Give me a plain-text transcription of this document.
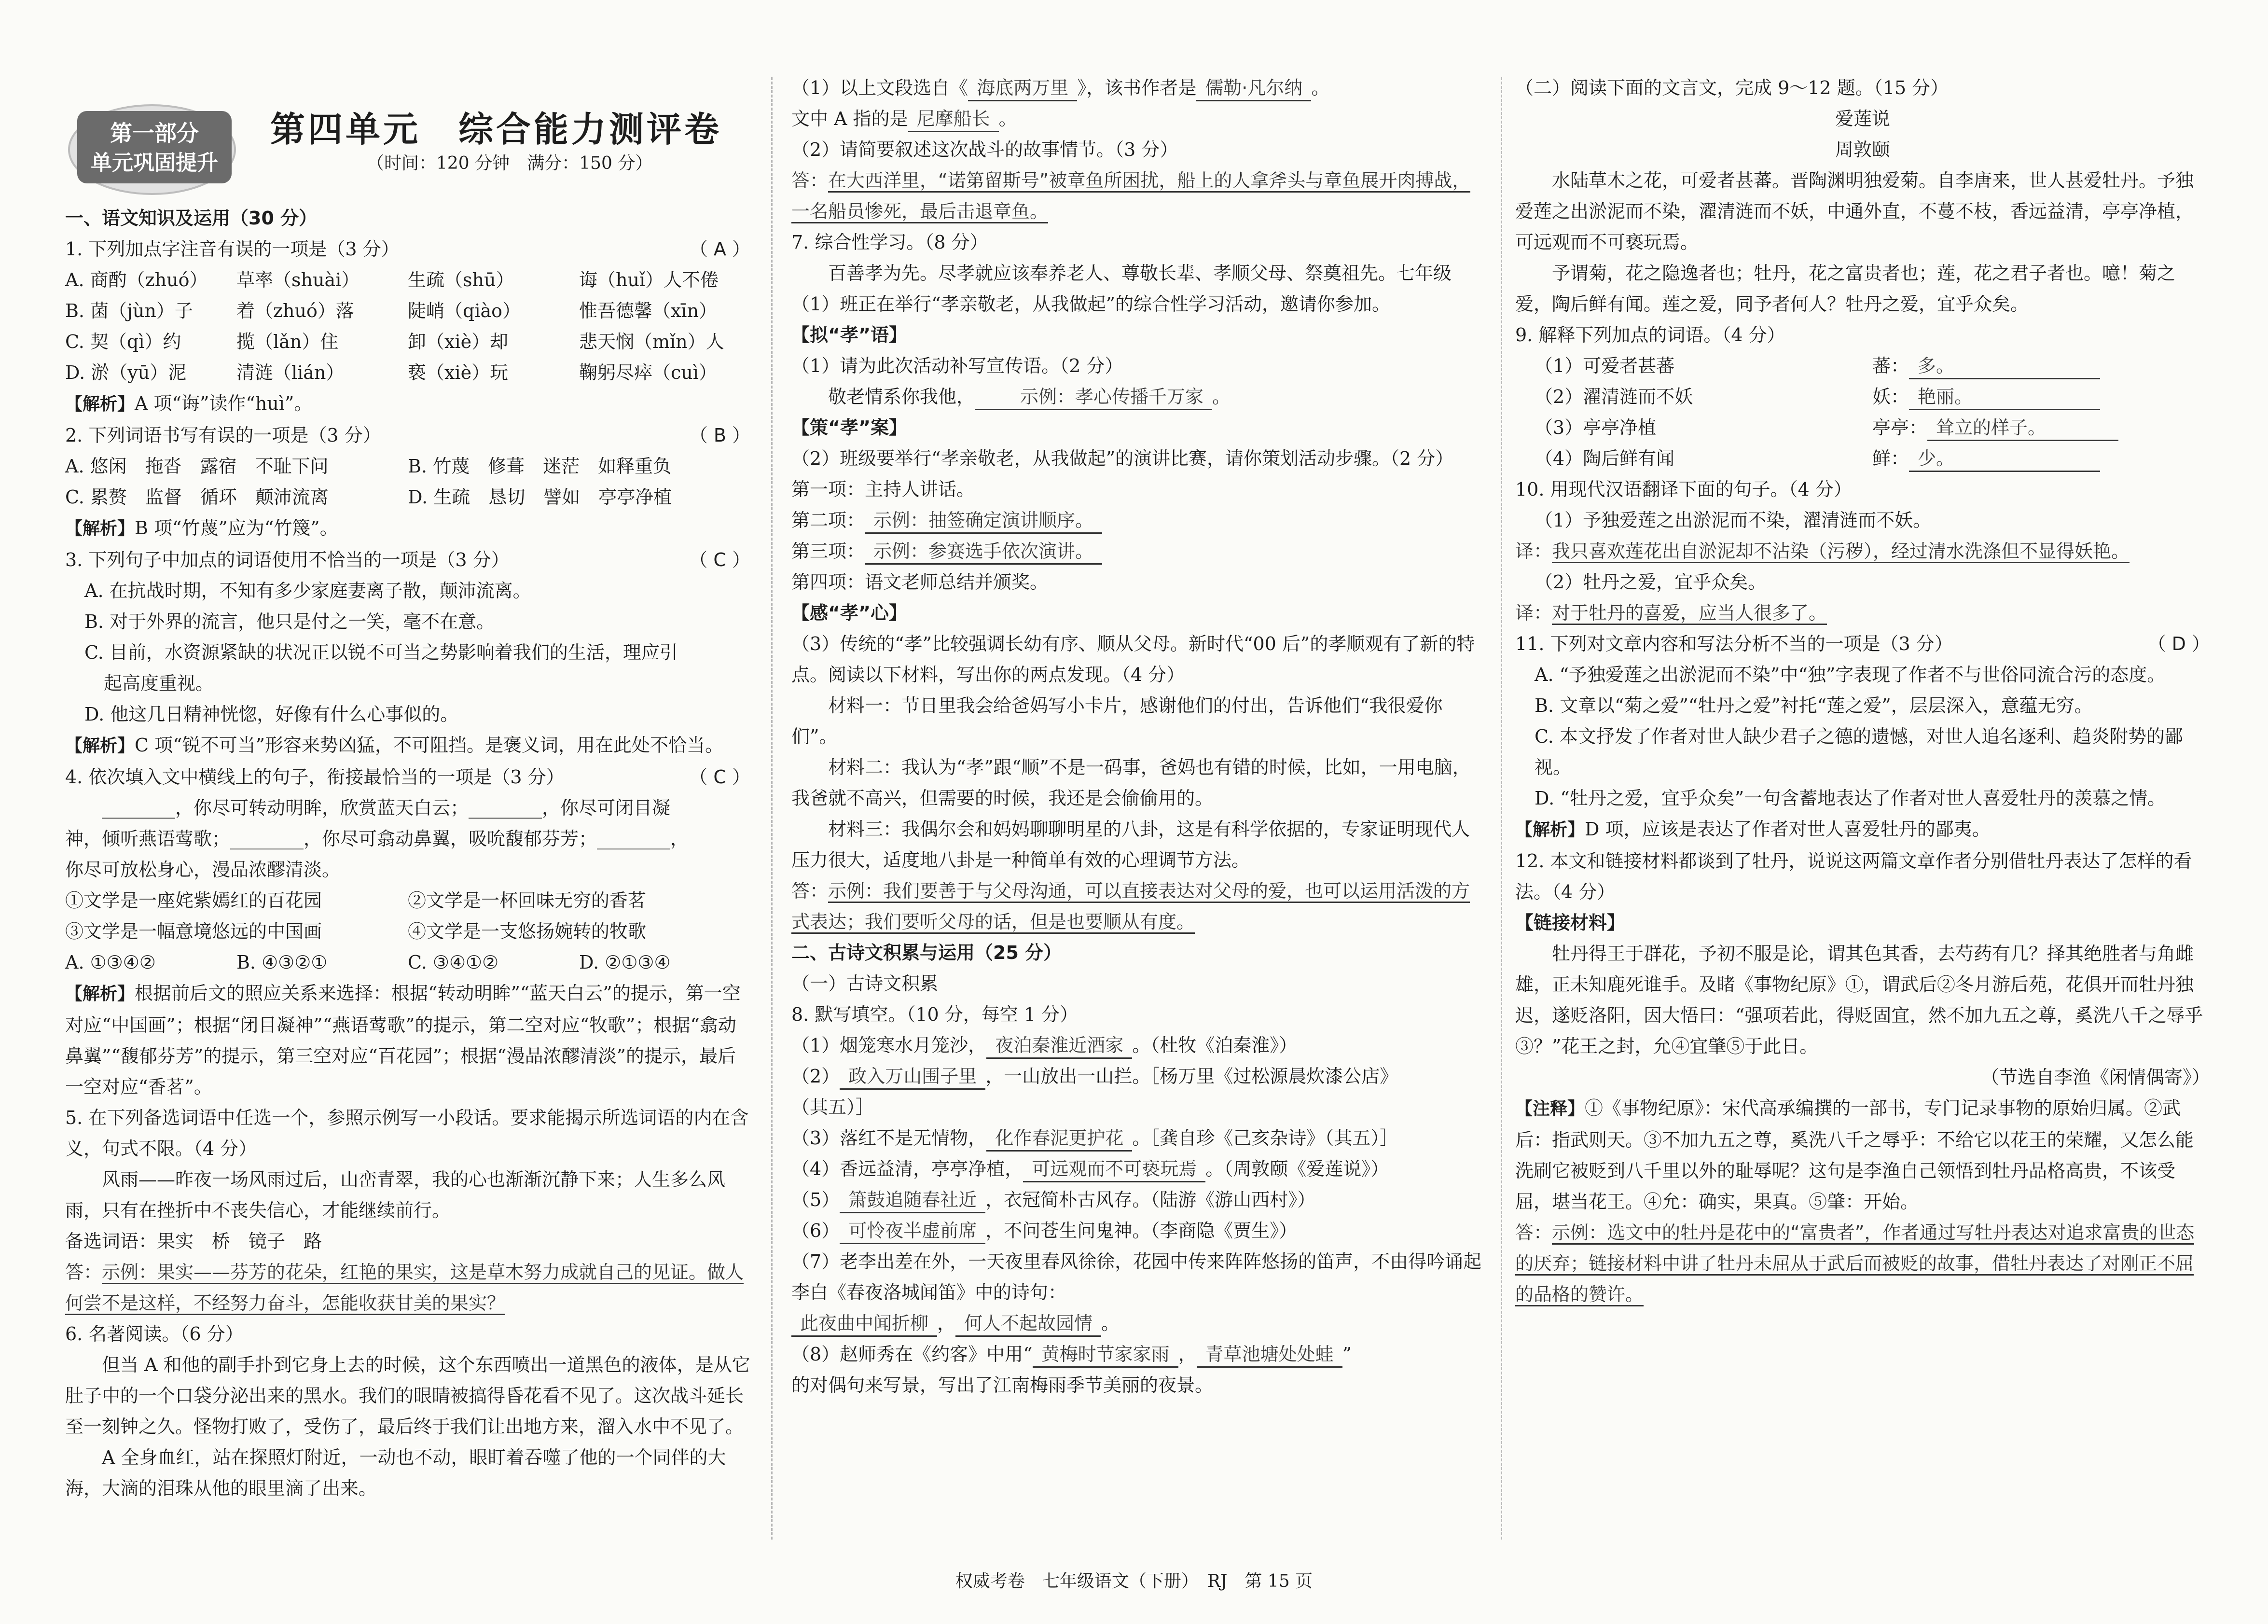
第一部分
单元巩固提升
第四单元　综合能力测评卷
（时间：120 分钟　满分：150 分）

一、语文知识及运用（30 分）

1. 下列加点字注音有误的一项是（3 分）	（ A ）

A. 商酌（zhuó）	草率（shuài）	生疏（shū）	诲（huǐ）人不倦
B. 菌（jùn）子	着（zhuó）落	陡峭（qiào）	惟吾德馨（xīn）
C. 契（qì）约	揽（lǎn）住	卸（xiè）却	悲天悯（mǐn）人
D. 淤（yū）泥	清涟（lián）	亵（xiè）玩	鞠躬尽瘁（cuì）

【解析】A 项“诲”读作“huì”。

2. 下列词语书写有误的一项是（3 分）	（ B ）

A. 悠闲　拖沓　露宿　不耻下问	B. 竹蔑　修葺　迷茫　如释重负
C. 累赘　监督　循环　颠沛流离	D. 生疏　恳切　譬如　亭亭净植

【解析】B 项“竹蔑”应为“竹篾”。

3. 下列句子中加点的词语使用不恰当的一项是（3 分）	（ C ）

A. 在抗战时期，不知有多少家庭妻离子散，颠沛流离。

B. 对于外界的流言，他只是付之一笑，毫不在意。

C. 目前，水资源紧缺的状况正以锐不可当之势影响着我们的生活，理应引

起高度重视。

D. 他这几日精神恍惚，好像有什么心事似的。

【解析】C 项“锐不可当”形容来势凶猛，不可阻挡。是褒义词，用在此处不恰当。

4. 依次填入文中横线上的句子，衔接最恰当的一项是（3 分）	（ C ）

________，你尽可转动明眸，欣赏蓝天白云；________，你尽可闭目凝

神，倾听燕语莺歌；________，你尽可翕动鼻翼，吸吮馥郁芬芳；________，

你尽可放松身心，漫品浓醪清淡。

①文学是一座姹紫嫣红的百花园	②文学是一杯回味无穷的香茗
③文学是一幅意境悠远的中国画	④文学是一支悠扬婉转的牧歌
A. ①③④②	B. ④③②①	C. ③④①②	D. ②①③④

【解析】根据前后文的照应关系来选择：根据“转动明眸”“蓝天白云”的提示，第一空对应“中国画”；根据“闭目凝神”“燕语莺歌”的提示，第二空对应“牧歌”；根据“翕动鼻翼”“馥郁芬芳”的提示，第三空对应“百花园”；根据“漫品浓醪清淡”的提示，最后一空对应“香茗”。

5. 在下列备选词语中任选一个，参照示例写一小段话。要求能揭示所选词语的内在含义，句式不限。（4 分）

风雨——昨夜一场风雨过后，山峦青翠，我的心也渐渐沉静下来；人生多么风雨，只有在挫折中不丧失信心，才能继续前行。

备选词语：果实　桥　镜子　路

答：示例：果实——芬芳的花朵，红艳的果实，这是草木努力成就自己的见证。做人何尝不是这样，不经努力奋斗，怎能收获甘美的果实？

6. 名著阅读。（6 分）

但当 A 和他的副手扑到它身上去的时候，这个东西喷出一道黑色的液体，是从它肚子中的一个口袋分泌出来的黑水。我们的眼睛被搞得昏花看不见了。这次战斗延长至一刻钟之久。怪物打败了，受伤了，最后终于我们让出地方来，溜入水中不见了。

A 全身血红，站在探照灯附近，一动也不动，眼盯着吞噬了他的一个同伴的大海，大滴的泪珠从他的眼里滴了出来。

（1）以上文段选自《 海底两万里 》，该书作者是 儒勒·凡尔纳 。

文中 A 指的是 尼摩船长 。

（2）请简要叙述这次战斗的故事情节。（3 分）

答：在大西洋里，“诺第留斯号”被章鱼所困扰，船上的人拿斧头与章鱼展开肉搏战，一名船员惨死，最后击退章鱼。

7. 综合性学习。（8 分）

百善孝为先。尽孝就应该奉养老人、尊敬长辈、孝顺父母、祭奠祖先。七年级（1）班正在举行“孝亲敬老，从我做起”的综合性学习活动，邀请你参加。

【拟“孝”语】

（1）请为此次活动补写宣传语。（2 分）

敬老情系你我他， 示例：孝心传播千万家 。

【策“孝”案】

（2）班级要举行“孝亲敬老，从我做起”的演讲比赛，请你策划活动步骤。（2 分）

第一项：主持人讲话。

第二项： 示例：抽签确定演讲顺序。

第三项： 示例：参赛选手依次演讲。

第四项：语文老师总结并颁奖。

【感“孝”心】

（3）传统的“孝”比较强调长幼有序、顺从父母。新时代“00 后”的孝顺观有了新的特点。阅读以下材料，写出你的两点发现。（4 分）

材料一：节日里我会给爸妈写小卡片，感谢他们的付出，告诉他们“我很爱你们”。

材料二：我认为“孝”跟“顺”不是一码事，爸妈也有错的时候，比如，一用电脑，我爸就不高兴，但需要的时候，我还是会偷偷用的。

材料三：我偶尔会和妈妈聊聊明星的八卦，这是有科学依据的，专家证明现代人压力很大，适度地八卦是一种简单有效的心理调节方法。

答：示例：我们要善于与父母沟通，可以直接表达对父母的爱，也可以运用活泼的方式表达；我们要听父母的话，但是也要顺从有度。

二、古诗文积累与运用（25 分）

（一）古诗文积累

8. 默写填空。（10 分，每空 1 分）

（1）烟笼寒水月笼沙， 夜泊秦淮近酒家 。（杜牧《泊秦淮》）

（2） 政入万山围子里 ，一山放出一山拦。［杨万里《过松源晨炊漆公店》

（其五）］

（3）落红不是无情物， 化作春泥更护花 。［龚自珍《己亥杂诗》（其五）］

（4）香远益清，亭亭净植， 可远观而不可亵玩焉 。（周敦颐《爱莲说》）

（5） 箫鼓追随春社近 ，衣冠简朴古风存。（陆游《游山西村》）

（6） 可怜夜半虚前席 ，不问苍生问鬼神。（李商隐《贾生》）

（7）老李出差在外，一天夜里春风徐徐，花园中传来阵阵悠扬的笛声，不由得吟诵起李白《春夜洛城闻笛》中的诗句：

此夜曲中闻折柳 ， 何人不起故园情 。

（8）赵师秀在《约客》中用“ 黄梅时节家家雨 ， 青草池塘处处蛙 ”

的对偶句来写景，写出了江南梅雨季节美丽的夜景。

（二）阅读下面的文言文，完成 9～12 题。（15 分）

爱莲说

周敦颐

水陆草木之花，可爱者甚蕃。晋陶渊明独爱菊。自李唐来，世人甚爱牡丹。予独爱莲之出淤泥而不染，濯清涟而不妖，中通外直，不蔓不枝，香远益清，亭亭净植，可远观而不可亵玩焉。

予谓菊，花之隐逸者也；牡丹，花之富贵者也；莲，花之君子者也。噫！菊之爱，陶后鲜有闻。莲之爱，同予者何人？牡丹之爱，宜乎众矣。

9. 解释下列加点的词语。（4 分）

（1）可爱者甚蕃	蕃： 多。
（2）濯清涟而不妖	妖： 艳丽。
（3）亭亭净植	亭亭： 耸立的样子。
（4）陶后鲜有闻	鲜： 少。

10. 用现代汉语翻译下面的句子。（4 分）

（1）予独爱莲之出淤泥而不染，濯清涟而不妖。

译：我只喜欢莲花出自淤泥却不沾染（污秽），经过清水洗涤但不显得妖艳。

（2）牡丹之爱，宜乎众矣。

译：对于牡丹的喜爱，应当人很多了。

11. 下列对文章内容和写法分析不当的一项是（3 分）	（ D ）

A. “予独爱莲之出淤泥而不染”中“独”字表现了作者不与世俗同流合污的态度。

B. 文章以“菊之爱”“牡丹之爱”衬托“莲之爱”，层层深入，意蕴无穷。

C. 本文抒发了作者对世人缺少君子之德的遗憾，对世人追名逐利、趋炎附势的鄙视。

D. “牡丹之爱，宜乎众矣”一句含蓄地表达了作者对世人喜爱牡丹的羡慕之情。

【解析】D 项，应该是表达了作者对世人喜爱牡丹的鄙夷。

12. 本文和链接材料都谈到了牡丹，说说这两篇文章作者分别借牡丹表达了怎样的看法。（4 分）

【链接材料】

牡丹得王于群花，予初不服是论，谓其色其香，去芍药有几？择其绝胜者与角雌雄，正未知鹿死谁手。及睹《事物纪原》①，谓武后②冬月游后苑，花俱开而牡丹独迟，遂贬洛阳，因大悟曰：“强项若此，得贬固宜，然不加九五之尊，奚洗八千之辱乎③？”花王之封，允④宜肇⑤于此日。

（节选自李渔《闲情偶寄》）

【注释】①《事物纪原》：宋代高承编撰的一部书，专门记录事物的原始归属。②武后：指武则天。③不加九五之尊，奚洗八千之辱乎：不给它以花王的荣耀，又怎么能洗刷它被贬到八千里以外的耻辱呢？这句是李渔自己领悟到牡丹品格高贵，不该受屈，堪当花王。④允：确实，果真。⑤肇：开始。

答：示例：选文中的牡丹是花中的“富贵者”，作者通过写牡丹表达对追求富贵的世态的厌弃；链接材料中讲了牡丹未屈从于武后而被贬的故事，借牡丹表达了对刚正不屈的品格的赞许。

权威考卷　七年级语文（下册）　RJ　第 15 页
